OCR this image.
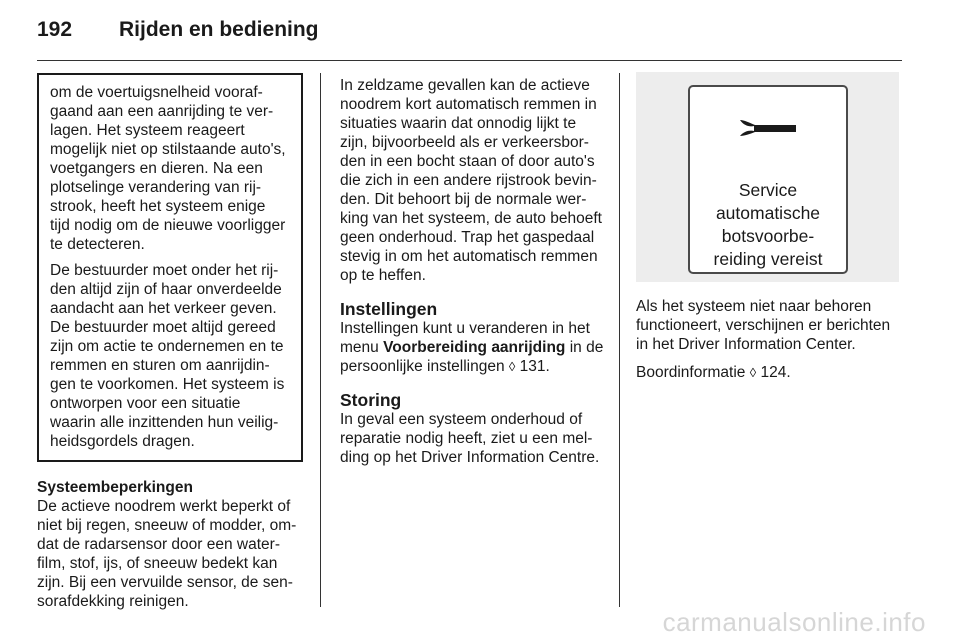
192 Rijden en bediening

om de voertuigsnelheid vooraf-
gaand aan een aanrijding te ver-
lagen. Het systeem reageert
mogelijk niet op stilstaande auto's,
voetgangers en dieren. Na een
plotselinge verandering van rij-
strook, heeft het systeem enige
tijd nodig om de nieuwe voorligger
te detecteren.

De bestuurder moet onder het rij-
den altijd zijn of haar onverdeelde
aandacht aan het verkeer geven.
De bestuurder moet altijd gereed
zijn om actie te ondernemen en te
remmen en sturen om aanrijdin-
gen te voorkomen. Het systeem is
ontworpen voor een situatie
waarin alle inzittenden hun veilig-
heidsgordels dragen.

Systeembeperkingen

De actieve noodrem werkt beperkt of
niet bij regen, sneeuw of modder, om-
dat de radarsensor door een water-
film, stof, ijs, of sneeuw bedekt kan
zijn. Bij een vervuilde sensor, de sen-
sorafdekking reinigen.

In zeldzame gevallen kan de actieve
noodrem kort automatisch remmen in
situaties waarin dat onnodig lijkt te
zijn, bijvoorbeeld als er verkeersbor-
den in een bocht staan of door auto's
die zich in een andere rijstrook bevin-
den. Dit behoort bij de normale wer-
king van het systeem, de auto behoeft
geen onderhoud. Trap het gaspedaal
stevig in om het automatisch remmen
op te heffen.

Instellingen

Instellingen kunt u veranderen in het
menu Voorbereiding aanrijding in de
persoonlijke instellingen ◊ 131.

Storing

In geval een systeem onderhoud of
reparatie nodig heeft, ziet u een mel-
ding op het Driver Information Centre.

Service
automatische
botsvoorbe-
reiding vereist

Als het systeem niet naar behoren
functioneert, verschijnen er berichten
in het Driver Information Center.

Boordinformatie ◊ 124.

carmanualsonline.info
